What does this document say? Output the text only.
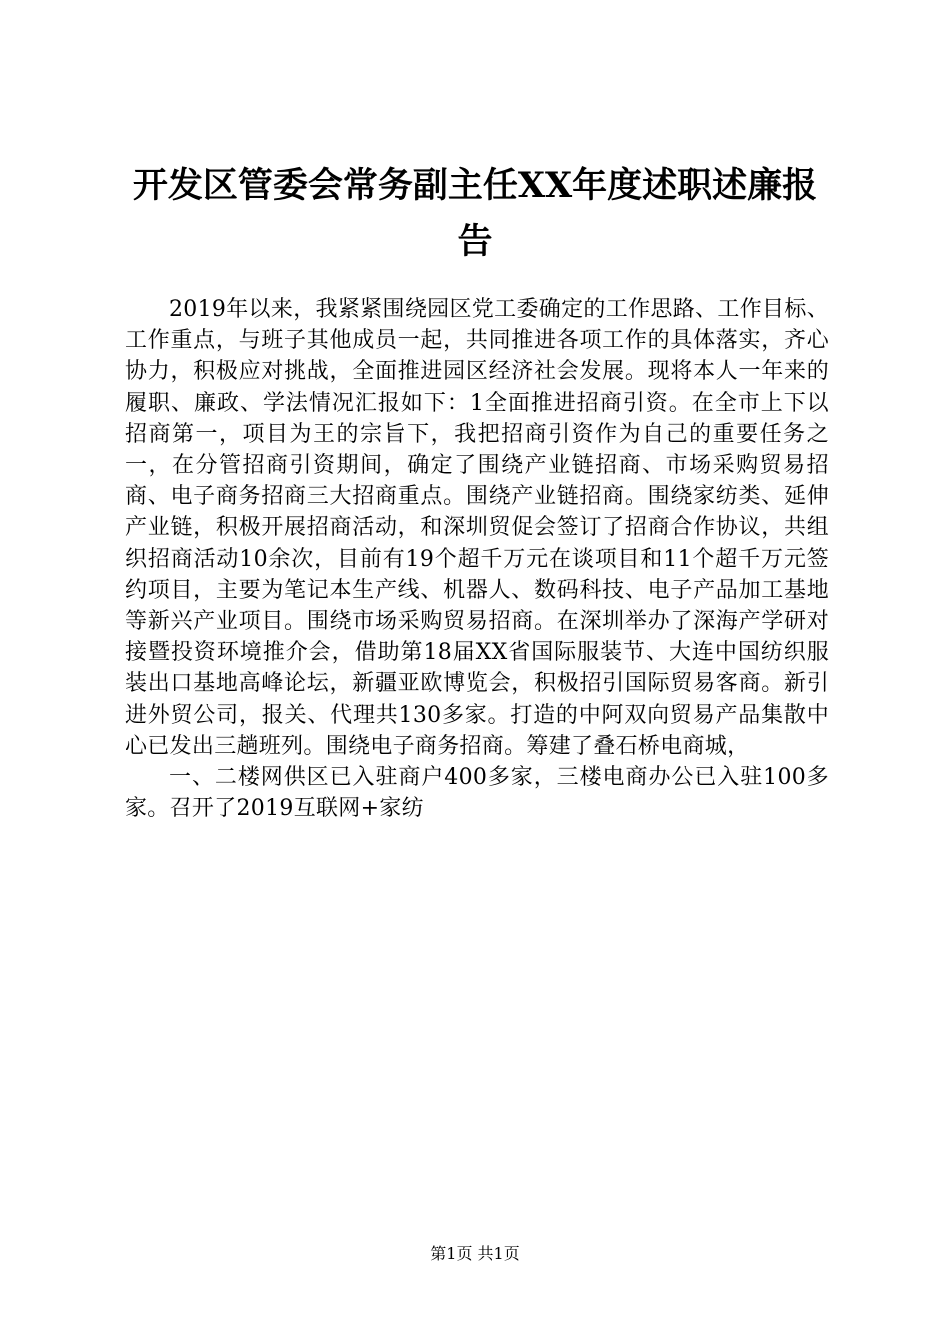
开发区管委会常务副主任XX年度述职述廉报告

2019年以来，我紧紧围绕园区党工委确定的工作思路、工作目标、工作重点，与班子其他成员一起，共同推进各项工作的具体落实，齐心协力，积极应对挑战，全面推进园区经济社会发展。现将本人一年来的履职、廉政、学法情况汇报如下：1全面推进招商引资。在全市上下以招商第一，项目为王的宗旨下，我把招商引资作为自己的重要任务之一，在分管招商引资期间，确定了围绕产业链招商、市场采购贸易招商、电子商务招商三大招商重点。围绕产业链招商。围绕家纺类、延伸产业链，积极开展招商活动，和深圳贸促会签订了招商合作协议，共组织招商活动10余次，目前有19个超千万元在谈项目和11个超千万元签约项目，主要为笔记本生产线、机器人、数码科技、电子产品加工基地等新兴产业项目。围绕市场采购贸易招商。在深圳举办了深海产学研对接暨投资环境推介会，借助第18届XX省国际服装节、大连中国纺织服装出口基地高峰论坛，新疆亚欧博览会，积极招引国际贸易客商。新引进外贸公司，报关、代理共130多家。打造的中阿双向贸易产品集散中心已发出三趟班列。围绕电子商务招商。筹建了叠石桥电商城，

一、二楼网供区已入驻商户400多家，三楼电商办公已入驻100多家。召开了2019互联网+家纺

第1页 共1页
